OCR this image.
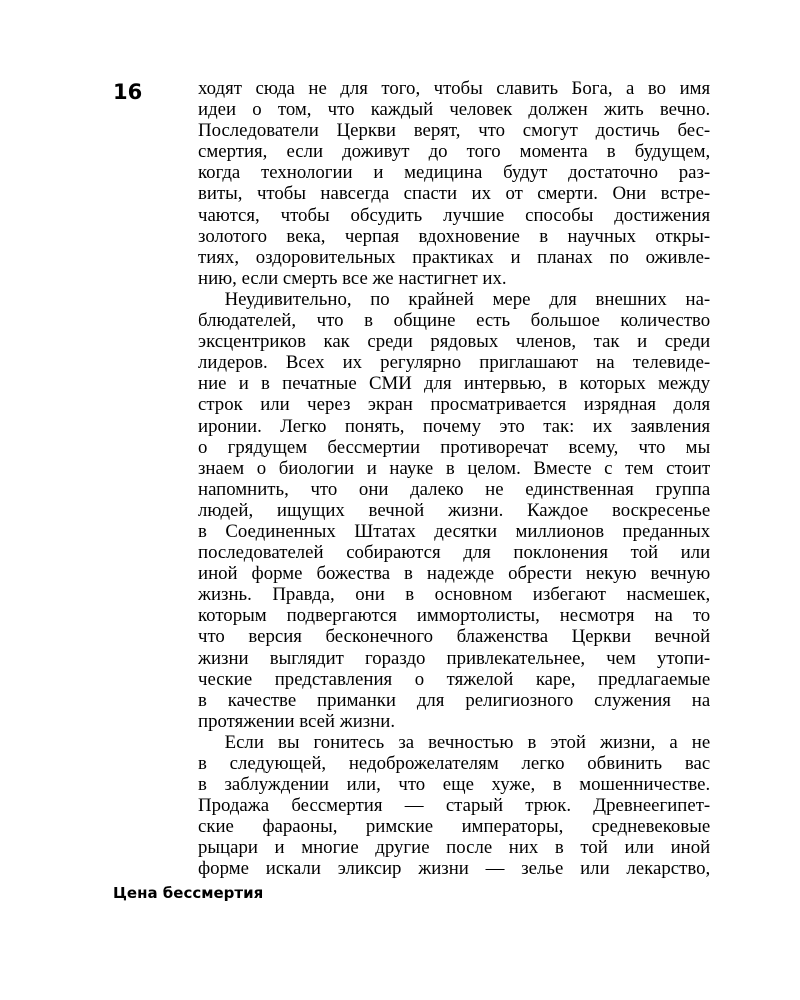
16	ходят сюда не для того, чтобы славить Бога, а во имя
идеи о том, что каждый человек должен жить вечно.
Последователи Церкви верят, что смогут достичь бес-
смертия, если доживут до того момента в будущем,
когда технологии и медицина будут достаточно раз-
виты, чтобы навсегда спасти их от смерти. Они встре-
чаются, чтобы обсудить лучшие способы достижения
золотого века, черпая вдохновение в научных откры-
тиях, оздоровительных практиках и планах по оживле-
нию, если смерть все же настигнет их.
Неудивительно, по крайней мере для внешних на-
блюдателей, что в общине есть большое количество
эксцентриков как среди рядовых членов, так и среди
лидеров. Всех их регулярно приглашают на телевиде-
ние и в печатные СМИ для интервью, в которых между
строк или через экран просматривается изрядная доля
иронии. Легко понять, почему это так: их заявления
о грядущем бессмертии противоречат всему, что мы
знаем о биологии и науке в целом. Вместе с тем стоит
напомнить, что они далеко не единственная группа
людей, ищущих вечной жизни. Каждое воскресенье
в Соединенных Штатах десятки миллионов преданных
последователей собираются для поклонения той или
иной форме божества в надежде обрести некую вечную
жизнь. Правда, они в основном избегают насмешек,
которым подвергаются иммортолисты, несмотря на то
что версия бесконечного блаженства Церкви вечной
жизни выглядит гораздо привлекательнее, чем утопи-
ческие представления о тяжелой каре, предлагаемые
в качестве приманки для религиозного служения на
протяжении всей жизни.
Если вы гонитесь за вечностью в этой жизни, а не
в следующей, недоброжелателям легко обвинить вас
в заблуждении или, что еще хуже, в мошенничестве.
Продажа бессмертия — старый трюк. Древнеегипет-
ские фараоны, римские императоры, средневековые
рыцари и многие другие после них в той или иной
форме искали эликсир жизни — зелье или лекарство,
Цена бессмертия
